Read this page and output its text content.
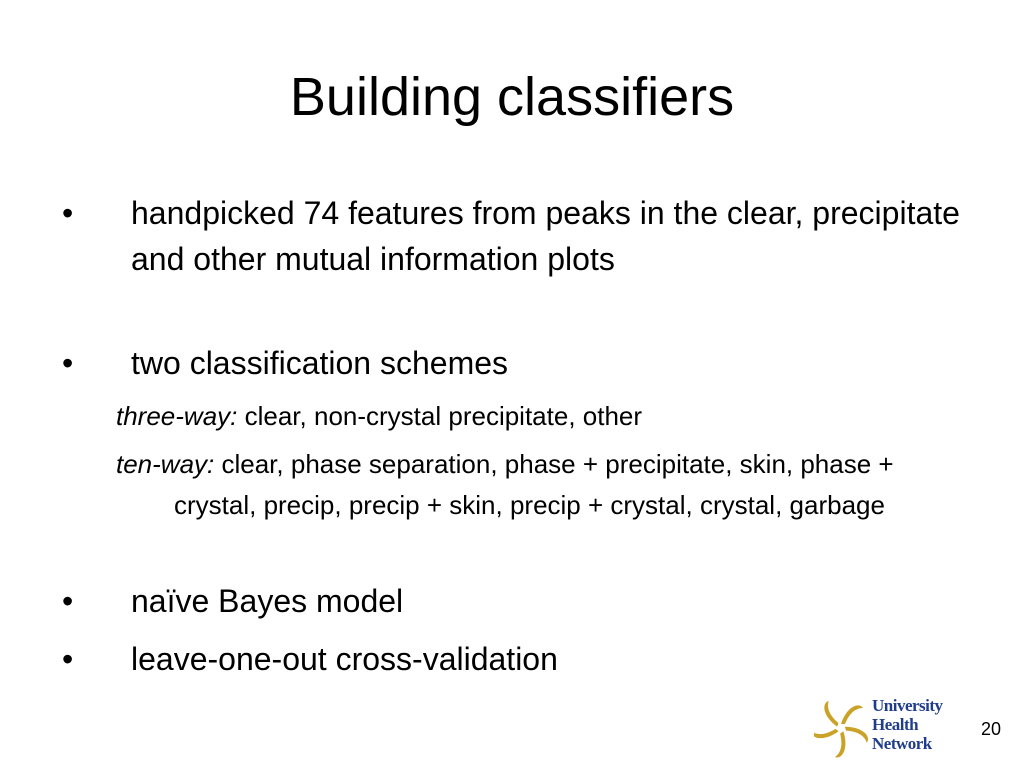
Building classifiers
• handpicked 74 features from peaks in the clear, precipitate and other mutual information plots
• two classification schemes
three-way: clear, non-crystal precipitate, other
ten-way: clear, phase separation, phase + precipitate, skin, phase + crystal, precip, precip + skin, precip + crystal, crystal, garbage
• naïve Bayes model
• leave-one-out cross-validation
University
Health
Network
20
